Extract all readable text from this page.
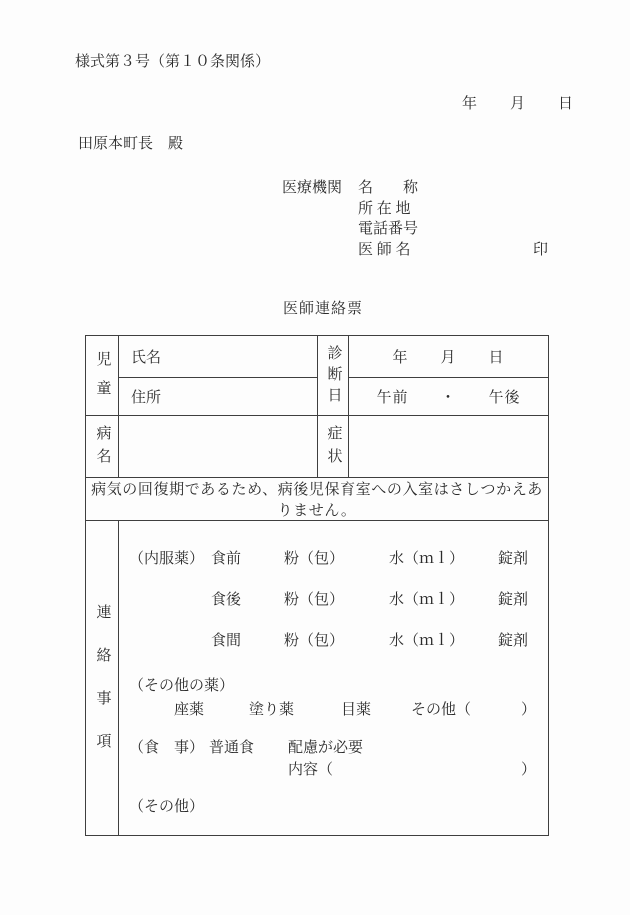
様式第３号（第１０条関係）
年　　月　　日
田原本町長　殿
医療機関 名　　称
所 在 地
電話番号
医 師 名	印
医師連絡票
児童	氏名	診断日	年　　月　　日
	住所		午前　　・　　午後
病名		症状	
病気の回復期であるため、病後児保育室への入室はさしつかえありません。			
連絡事項	
（内服薬） 食前	粉（包）	水（ｍｌ） 錠剤
食後	粉（包）	水（ｍｌ） 錠剤
食間	粉（包）	水（ｍｌ） 錠剤
（その他の薬）
座薬	塗り薬	目薬	その他（	）
（食　事） 普通食 配慮が必要
内容（	）
（その他）
